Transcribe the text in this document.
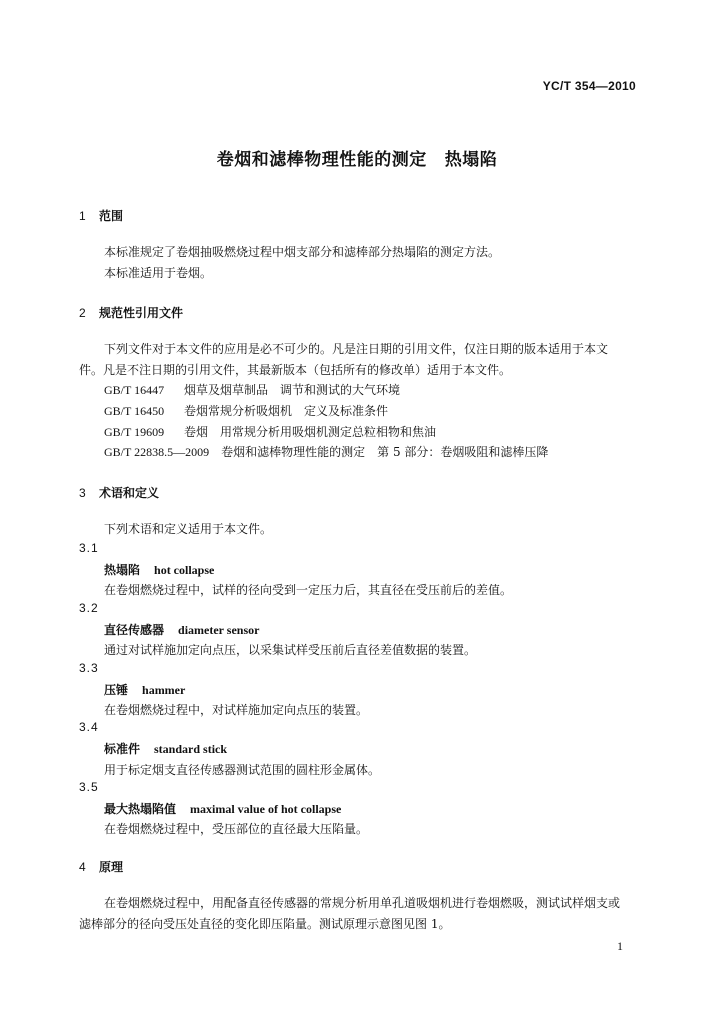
YC/T 354—2010
卷烟和滤棒物理性能的测定 热塌陷
1 范围
本标准规定了卷烟抽吸燃烧过程中烟支部分和滤棒部分热塌陷的测定方法。
本标准适用于卷烟。
2 规范性引用文件
下列文件对于本文件的应用是必不可少的。凡是注日期的引用文件，仅注日期的版本适用于本文
件。凡是不注日期的引用文件，其最新版本（包括所有的修改单）适用于本文件。
GB/T 16447 烟草及烟草制品　调节和测试的大气环境
GB/T 16450 卷烟常规分析吸烟机　定义及标准条件
GB/T 19609 卷烟　用常规分析用吸烟机测定总粒相物和焦油
GB/T 22838.5—2009 卷烟和滤棒物理性能的测定　第 5 部分：卷烟吸阻和滤棒压降
3 术语和定义
下列术语和定义适用于本文件。
3.1
热塌陷 hot collapse
在卷烟燃烧过程中，试样的径向受到一定压力后，其直径在受压前后的差值。
3.2
直径传感器 diameter sensor
通过对试样施加定向点压，以采集试样受压前后直径差值数据的装置。
3.3
压锤 hammer
在卷烟燃烧过程中，对试样施加定向点压的装置。
3.4
标准件 standard stick
用于标定烟支直径传感器测试范围的圆柱形金属体。
3.5
最大热塌陷值 maximal value of hot collapse
在卷烟燃烧过程中，受压部位的直径最大压陷量。
4 原理
在卷烟燃烧过程中，用配备直径传感器的常规分析用单孔道吸烟机进行卷烟燃吸，测试试样烟支或
滤棒部分的径向受压处直径的变化即压陷量。测试原理示意图见图 1。
1
